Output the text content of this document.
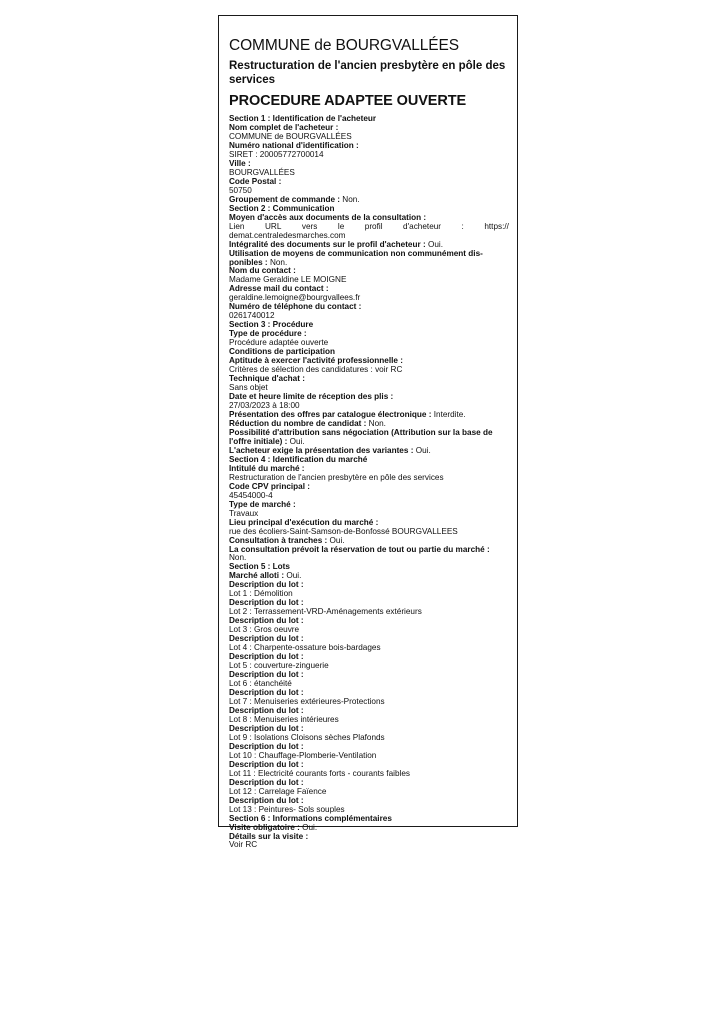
COMMUNE de BOURGVALLÉES
Restructuration de l'ancien presbytère en pôle des services
PROCEDURE ADAPTEE OUVERTE
Section 1 : Identification de l'acheteur
Nom complet de l'acheteur :
COMMUNE de BOURGVALLÉES
Numéro national d'identification :
SIRET : 20005772700014
Ville :
BOURGVALLÉES
Code Postal :
50750
Groupement de commande : Non.
Section 2 : Communication
Moyen d'accès aux documents de la consultation :
Lien	URL	vers	le	profil	d'acheteur	:	https://
demat.centraledesmarches.com
Intégralité des documents sur le profil d'acheteur : Oui.
Utilisation de moyens de communication non communément dis-
ponibles : Non.
Nom du contact :
Madame Geraldine LE MOIGNE
Adresse mail du contact :
geraldine.lemoigne@bourgvallees.fr
Numéro de téléphone du contact :
0261740012
Section 3 : Procédure
Type de procédure :
Procédure adaptée ouverte
Conditions de participation
Aptitude à exercer l'activité professionnelle :
Critères de sélection des candidatures : voir RC
Technique d'achat :
Sans objet
Date et heure limite de réception des plis :
27/03/2023 à 18:00
Présentation des offres par catalogue électronique : Interdite.
Réduction du nombre de candidat : Non.
Possibilité d'attribution sans négociation (Attribution sur la base de
l'offre initiale) : Oui.
L'acheteur exige la présentation des variantes : Oui.
Section 4 : Identification du marché
Intitulé du marché :
Restructuration de l'ancien presbytère en pôle des services
Code CPV principal :
45454000-4
Type de marché :
Travaux
Lieu principal d'exécution du marché :
rue des écoliers-Saint-Samson-de-Bonfossé BOURGVALLEES
Consultation à tranches : Oui.
La consultation prévoit la réservation de tout ou partie du marché :
Non.
Section 5 : Lots
Marché alloti : Oui.
Description du lot :
Lot 1 : Démolition
Description du lot :
Lot 2 : Terrassement-VRD-Aménagements extérieurs
Description du lot :
Lot 3 : Gros oeuvre
Description du lot :
Lot 4 : Charpente-ossature bois-bardages
Description du lot :
Lot 5 : couverture-zinguerie
Description du lot :
Lot 6 : étanchéité
Description du lot :
Lot 7 : Menuiseries extérieures-Protections
Description du lot :
Lot 8 : Menuiseries intérieures
Description du lot :
Lot 9 : Isolations Cloisons sèches Plafonds
Description du lot :
Lot 10 : Chauffage-Plomberie-Ventilation
Description du lot :
Lot 11 : Electricité courants forts - courants faibles
Description du lot :
Lot 12 : Carrelage Faïence
Description du lot :
Lot 13 : Peintures- Sols souples
Section 6 : Informations complémentaires
Visite obligatoire : Oui.
Détails sur la visite :
Voir RC
